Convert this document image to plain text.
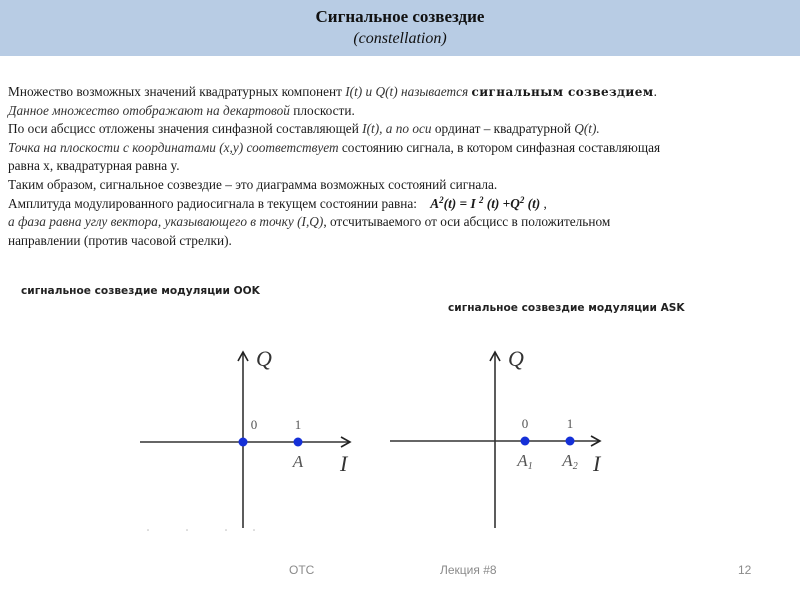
Сигнальное созвездие
(constellation)
Множество возможных значений квадратурных компонент I(t) и Q(t) называется сигнальным созвездием.
Данное множество отображают на декартовой плоскости.
По оси абсцисс отложены значения синфазной составляющей I(t), а по оси ординат – квадратурной Q(t).
Точка на плоскости с координатами (x,y) соответствует состоянию сигнала, в котором синфазная составляющая
равна x, квадратурная равна y.
Таким образом, сигнальное созвездие – это диаграмма возможных состояний сигнала.
Амплитуда модулированного радиосигнала в текущем состоянии равна: $A^2(t) = I$ $^2$ $(t) +Q^2$ (t) ,
а фаза равна углу вектора, указывающего в точку (I,Q), отсчитываемого от оси абсцисс в положительном
направлении (против часовой стрелки).
сигнальное созвездие модуляции OOK
сигнальное созвездие модуляции ASK
Q
I
0	1
A
Q
I
0
A1
1
A2
ОТС	Лекция #8	12
